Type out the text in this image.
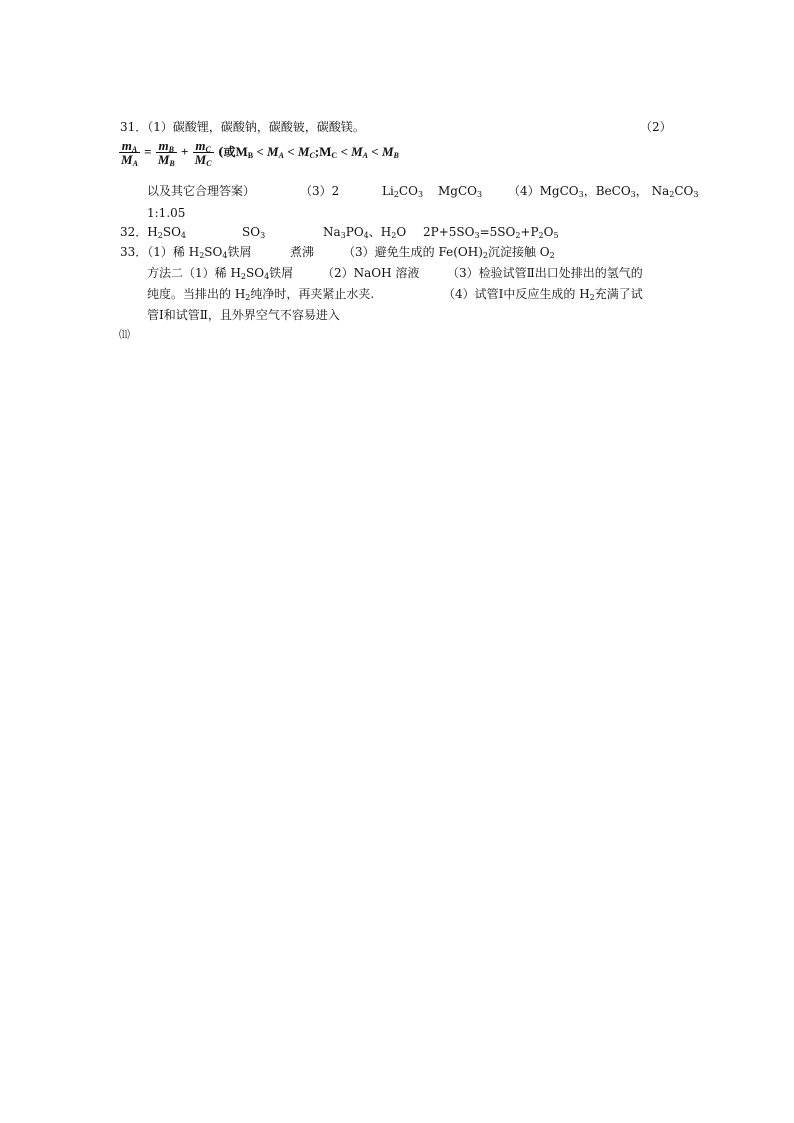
31．（1）碳酸锂，碳酸钠，碳酸铍，碳酸镁。	（2）
$\frac{m_A}{M_A} = \frac{m_B}{M_B} + \frac{m_C}{M_C}$ (或$M_B < M_A$ < $M_C;M_C < M_A < M_B$
以及其它合理答案）	（3）2	$Li_2CO_3$ MgCO$_3$ （4）MgCO$_3$，BeCO$_3$， $Na_2CO_3$
1:1.05
32．$H_2SO_4$	$SO_3$	$Na_3PO_4$、$H_2O$ $2P+5SO_3=5SO_2+P_2O_5$
33．（1）稀 $H_2SO_4$铁屑	煮沸 （3）避免生成的 $Fe(OH)_2$沉淀接触 $O_2$
方法二（1）稀 $H_2SO_4$铁屑 （2）NaOH 溶液 （3）检验试管Ⅱ出口处排出的氢气的
纯度。当排出的 $H_2$纯净时，再夹紧止水夹.	（4）试管Ⅰ中反应生成的 $H_2$充满了试
管Ⅰ和试管Ⅱ，且外界空气不容易进入
⑾
